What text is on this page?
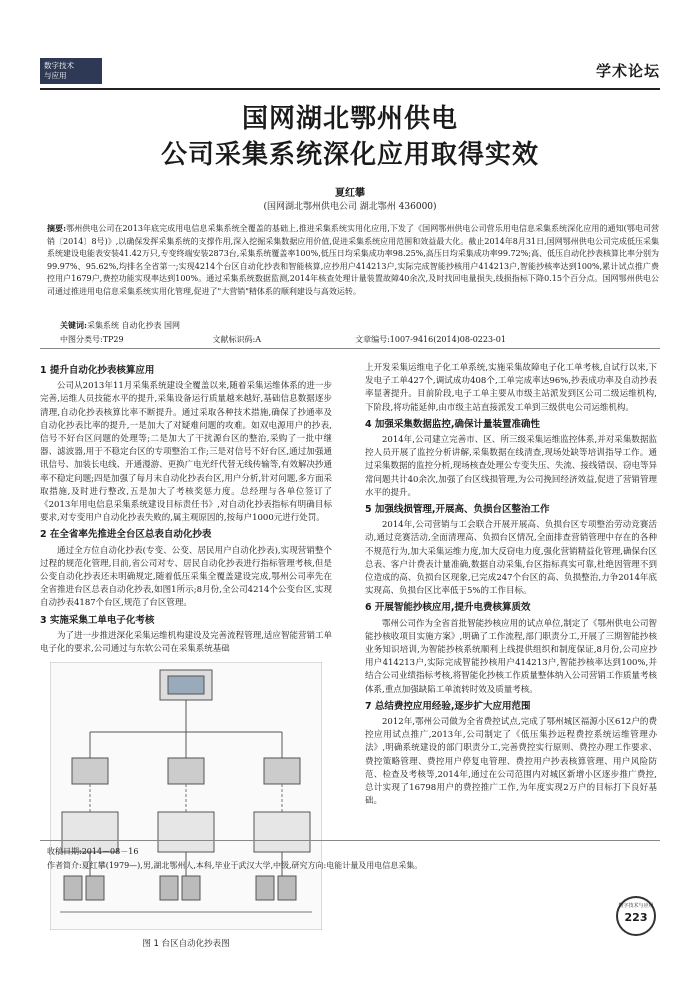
数字技术
与应用	学术论坛
国网湖北鄂州供电
公司采集系统深化应用取得实效
夏红攀
(国网湖北鄂州供电公司 湖北鄂州 436000)
摘要:鄂州供电公司在2013年底完成用电信息采集系统全覆盖的基础上,推进采集系统实用化应用,下发了《国网鄂州供电公司营乐用电信息采集系统深化应用的通知(鄂电司营销〔2014〕8号)》,以确保发挥采集系统的支撑作用,深入挖掘采集数据应用价值,促进采集系统应用范围和效益最大化。截止2014年8月31日,国网鄂州供电公司完成低压采集系统建设电能表安装41.42万只,专变终端安装2873台,采集系统覆盖率100%,低压日均采集成功率98.25%,高压日均采集成功率99.72%;高、低压自动化抄表核算比率分别为99.97%、95.62%,均排名全省第一;实现4214个台区自动化抄表和智能核算,应抄用户414213户,实际完成智能抄核用户414213户,智能抄核率达到100%,累计试点推广费控用户1679户,费控功能实现率达到100%。通过采集系统数据监测,2014年核查处理计量装置故障40余次,及时找回电量损失,线损指标下降0.15个百分点。国网鄂州供电公司通过推进用电信息采集系统实用化管理,促进了"大营销"精体系的顺利建设与高效运转。
关键词:采集系统 自动化抄表 国网
中图分类号:TP29	文献标识码:A	文章编号:1007-9416(2014)08-0223-01
1 提升自动化抄表核算应用
公司从2013年11月采集系统建设全覆盖以来,随着采集运维体系的进一步完善,运维人员技能水平的提升,采集设备运行质量越来越好,基础信息数据逐步清理,自动化抄表核算比率不断提升。通过采取各种技术措施,确保了抄通率及自动化抄表比率的提升,一是加大了对疑难问题的攻难。如双电源用户的抄表,信号不好台区问题的处理等;二是加大了干扰源台区的整治,采购了一批中继器、滤波器,用于不稳定台区的专项整治工作;三是对信号不好台区,通过加强通讯信号、加装长电线、开通漫游、更换广电光纤代替无线传输等,有效解决抄通率不稳定问题;四是加强了每月末自动化抄表台区,用户分析,针对问题,多方面采取措施,及时进行整改,五是加大了考核奖惩力度。总经理与各单位签订了《2013年用电信息采集系统建设目标责任书》,对自动化抄表指标有明确目标要求,对专变用户自动化抄表失败的,属主观原因的,按每户1000元进行处罚。
2 在全省率先推进全台区总表自动化抄表
通过全方位自动化抄表(专变、公变、居民用户自动化抄表),实现营销整个过程的规范化管理,目前,省公司对专、居民自动化抄表进行指标管理考核,但是公变自动化抄表还未明确规定,随着低压采集全覆盖建设完成,鄂州公司率先在全省推进台区总表自动化抄表,如图1所示;8月份,全公司4214个公变台区,实现自动抄表4187个台区,规范了台区管理。
3 实施采集工单电子化考核
为了进一步推进深化采集运维机构建设及完善流程管理,适应智能营销工单电子化的要求,公司通过与东软公司在采集系统基础
图 1 台区自动化抄表图
上开发采集运维电子化工单系统,实施采集故障电子化工单考核,自试行以来,下发电子工单427个,调试成功408个,工单完成率达96%,抄表成功率及自动抄表率显著提升。目前阶段,电子工单主要从市级主站派发到区公司二级运维机构,下阶段,将功能延伸,由市级主站直接派发工单到三级供电公司运维机构。
4 加强采集数据监控,确保计量装置准确性
2014年,公司建立完善市、区、所三级采集运维监控体系,并对采集数据监控人员开展了监控分析讲解,采集数据在线清查,现场处缺等培训指导工作。通过采集数据的监控分析,现场核查处理公专变失压、失流、接线错误、窃电等异常问题共计40余次,加强了台区线损管理,为公司挽回经济效益,促进了营销管理水平的提升。
5 加强线损管理,开展高、负损台区整治工作
2014年,公司营销与工会联合开展开展高、负损台区专项整治劳动竞赛活动,通过竞赛活动,全面清理高、负损台区情况,全面排查营销管理中存在的各种不规范行为,加大采集运维力度,加大反窃电力度,强化营销精益化管理,确保台区总表、客户计费表计量准确,数据自动采集,台区指标真实可靠,杜绝因管理不到位造成的高、负损台区现象,已完成247个台区的高、负损整治,力争2014年底实现高、负损台区比率低于5%的工作目标。
6 开展智能抄核应用,提升电费核算质效
鄂州公司作为全省首批智能抄核应用的试点单位,制定了《鄂州供电公司智能抄核收项目实施方案》,明确了工作流程,部门职责分工,开展了三期智能抄核业务知识培训,为智能抄核系统顺利上线提供组织和制度保证,8月份,公司应抄用户414213户,实际完成智能抄核用户414213户,智能抄核率达到100%,并结合公司业绩指标考核,将智能化抄核工作质量整体纳入公司营销工作质量考核体系,重点加强缺陷工单流转时效及质量考核。
7 总结费控应用经验,逐步扩大应用范围
2012年,鄂州公司做为全省费控试点,完成了鄂州城区福源小区612户的费控应用试点推广,2013年,公司制定了《低压集抄远程费控系统运维管理办法》,明确系统建设的部门职责分工,完善费控实行原则、费控办理工作要求、费控策略管理、费控用户停复电管理、费控用户抄表核算管理、用户风险防范、检查及考核等,2014年,通过在公司范围内对城区新增小区逐步推广费控,总计实现了16798用户的费控推广工作,为年度实现2万户的目标打下良好基础。
收稿日期:2014－08－16
作者简介:夏红攀(1979—),男,湖北鄂州人,本科,毕业于武汉大学,中级,研究方向:电能计量及用电信息采集。
数字技术与应用
223
